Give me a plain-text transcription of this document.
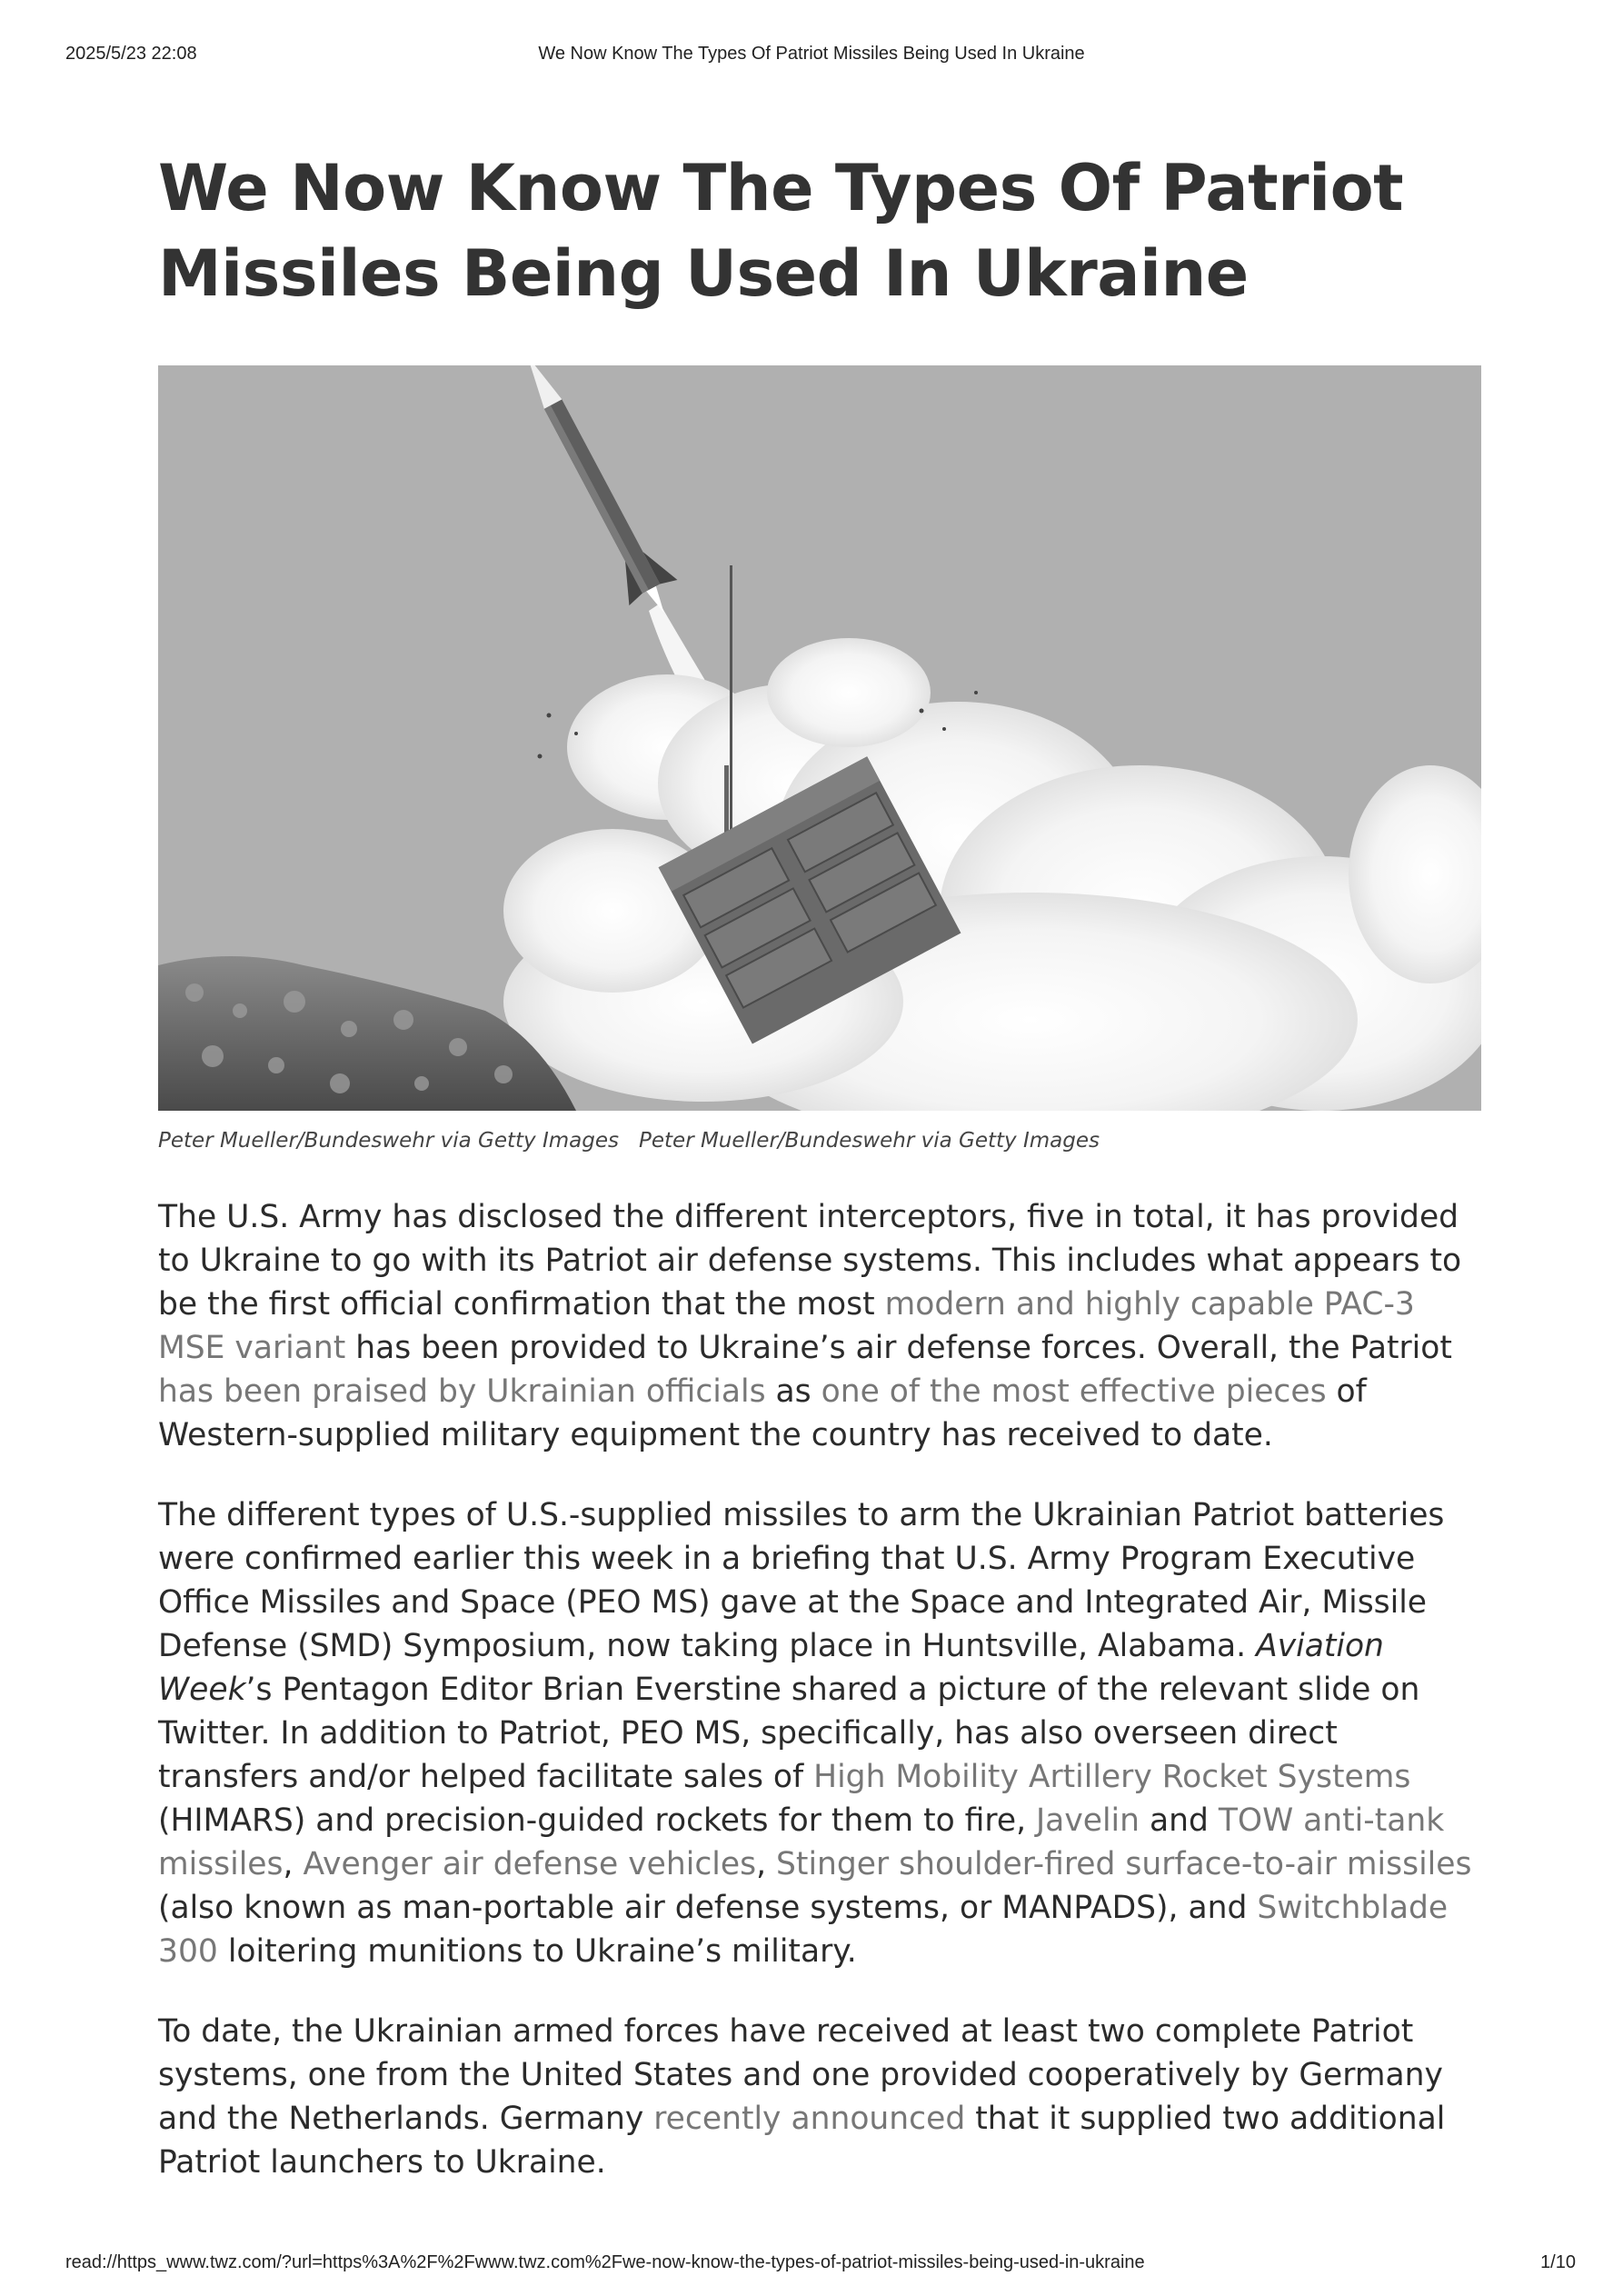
2025/5/23 22:08	We Now Know The Types Of Patriot Missiles Being Used In Ukraine
We Now Know The Types Of Patriot Missiles Being Used In Ukraine
Peter Mueller/Bundeswehr via Getty Images Peter Mueller/Bundeswehr via Getty Images

The U.S. Army has disclosed the different interceptors, five in total, it has provided to Ukraine to go with its Patriot air defense systems. This includes what appears to be the first official confirmation that the most modern and highly capable PAC-3 MSE variant has been provided to Ukraine’s air defense forces. Overall, the Patriot has been praised by Ukrainian officials as one of the most effective pieces of Western-supplied military equipment the country has received to date.

The different types of U.S.-supplied missiles to arm the Ukrainian Patriot batteries were confirmed earlier this week in a briefing that U.S. Army Program Executive Office Missiles and Space (PEO MS) gave at the Space and Integrated Air, Missile Defense (SMD) Symposium, now taking place in Huntsville, Alabama. Aviation Week’s Pentagon Editor Brian Everstine shared a picture of the relevant slide on Twitter. In addition to Patriot, PEO MS, specifically, has also overseen direct transfers and/or helped facilitate sales of High Mobility Artillery Rocket Systems (HIMARS) and precision-guided rockets for them to fire, Javelin and TOW anti-tank missiles, Avenger air defense vehicles, Stinger shoulder-fired surface-to-air missiles (also known as man-portable air defense systems, or MANPADS), and Switchblade 300 loitering munitions to Ukraine’s military.

To date, the Ukrainian armed forces have received at least two complete Patriot systems, one from the United States and one provided cooperatively by Germany and the Netherlands. Germany recently announced that it supplied two additional Patriot launchers to Ukraine.

read://https_www.twz.com/?url=https%3A%2F%2Fwww.twz.com%2Fwe-now-know-the-types-of-patriot-missiles-being-used-in-ukraine	1/10
